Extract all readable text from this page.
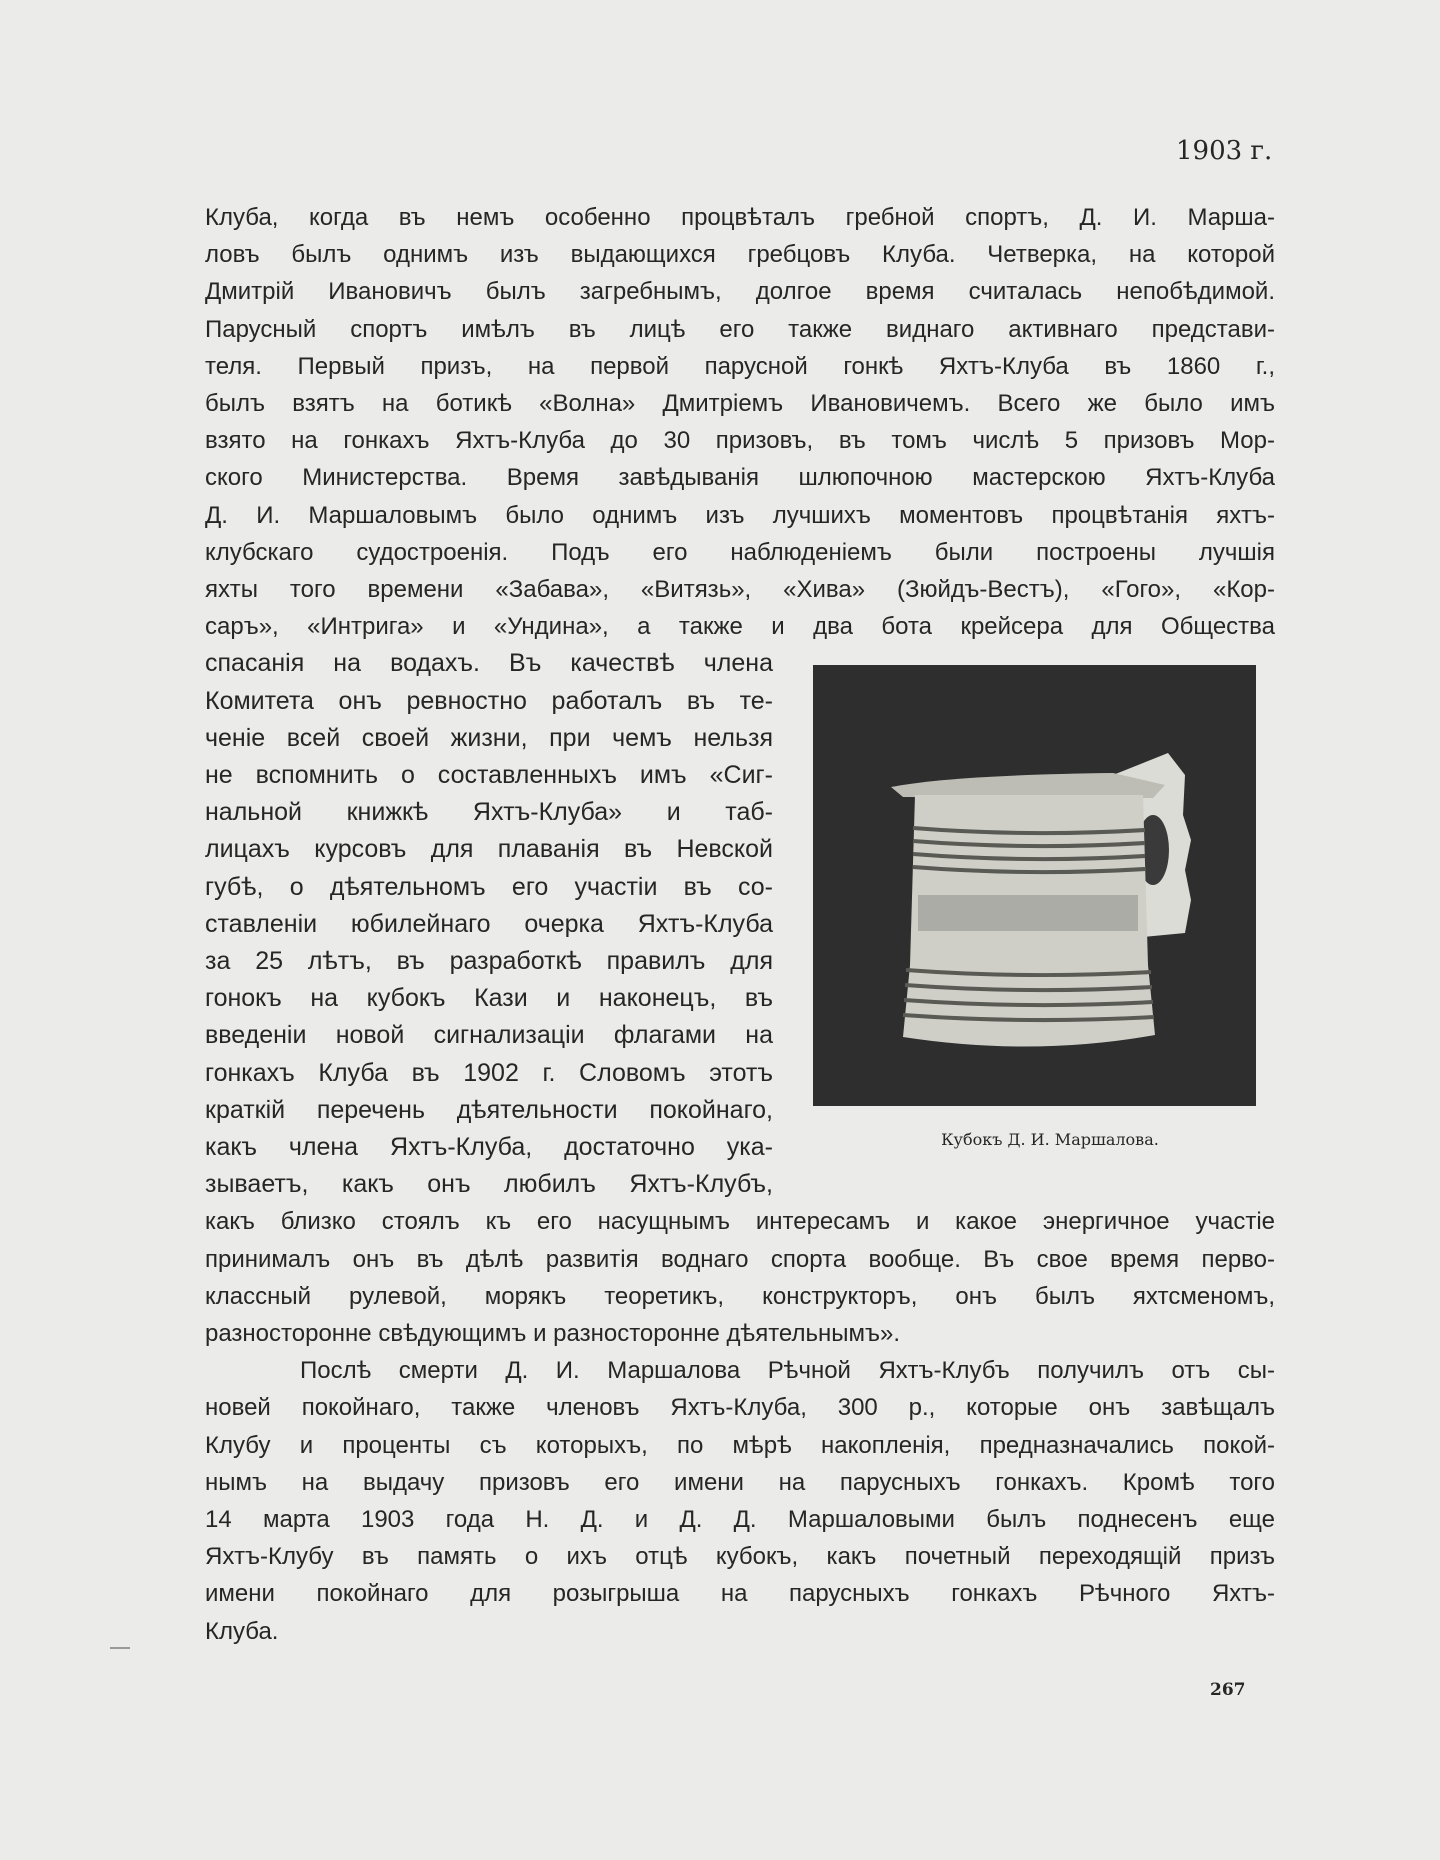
1903 г.
Клуба, когда въ немъ особенно процвѣталъ гребной спортъ, Д. И. Марша-
ловъ былъ однимъ изъ выдающихся гребцовъ Клуба. Четверка, на которой
Дмитрій Ивановичъ былъ загребнымъ, долгое время считалась непобѣдимой.
Парусный спортъ имѣлъ въ лицѣ его также виднаго активнаго представи-
теля. Первый призъ, на первой парусной гонкѣ Яхтъ-Клуба въ 1860 г.,
былъ взятъ на ботикѣ «Волна» Дмитріемъ Ивановичемъ. Всего же было имъ
взято на гонкахъ Яхтъ-Клуба до 30 призовъ, въ томъ числѣ 5 призовъ Мор-
ского Министерства. Время завѣдыванія шлюпочною мастерскою Яхтъ-Клуба
Д. И. Маршаловымъ было однимъ изъ лучшихъ моментовъ процвѣтанія яхтъ-
клубскаго судостроенія. Подъ его наблюденіемъ были построены лучшія
яхты того времени «Забава», «Витязь», «Хива» (Зюйдъ-Вестъ), «Гого», «Кор-
саръ», «Интрига» и «Ундина», а также и два бота крейсера для Общества
спасанія на водахъ. Въ качествѣ члена
Комитета онъ ревностно работалъ въ те-
ченіе всей своей жизни, при чемъ нельзя
не вспомнить о составленныхъ имъ «Сиг-
нальной книжкѣ Яхтъ-Клуба» и таб-
лицахъ курсовъ для плаванія въ Невской
губѣ, о дѣятельномъ его участіи въ со-
ставленіи юбилейнаго очерка Яхтъ-Клуба
за 25 лѣтъ, въ разработкѣ правилъ для
гонокъ на кубокъ Кази и наконецъ, въ
введеніи новой сигнализаціи флагами на
гонкахъ Клуба въ 1902 г. Словомъ этотъ
краткій перечень дѣятельности покойнаго,
какъ члена Яхтъ-Клуба, достаточно ука-
зываетъ, какъ онъ любилъ Яхтъ-Клубъ,
какъ близко стоялъ къ его насущнымъ интересамъ и какое энергичное участіе
принималъ онъ въ дѣлѣ развитія воднаго спорта вообще. Въ свое время перво-
классный рулевой, морякъ теоретикъ, конструкторъ, онъ былъ яхтсменомъ,
разносторонне свѣдующимъ и разносторонне дѣятельнымъ».
Послѣ смерти Д. И. Маршалова Рѣчной Яхтъ-Клубъ получилъ отъ сы-
новей покойнаго, также членовъ Яхтъ-Клуба, 300 р., которые онъ завѣщалъ
Клубу и проценты съ которыхъ, по мѣрѣ накопленія, предназначались покой-
нымъ на выдачу призовъ его имени на парусныхъ гонкахъ. Кромѣ того
14 марта 1903 года Н. Д. и Д. Д. Маршаловыми былъ поднесенъ еще
Яхтъ-Клубу въ память о ихъ отцѣ кубокъ, какъ почетный переходящій призъ
имени покойнаго для розыгрыша на парусныхъ гонкахъ Рѣчного Яхтъ-
Клуба.
Кубокъ Д. И. Маршалова.
267
